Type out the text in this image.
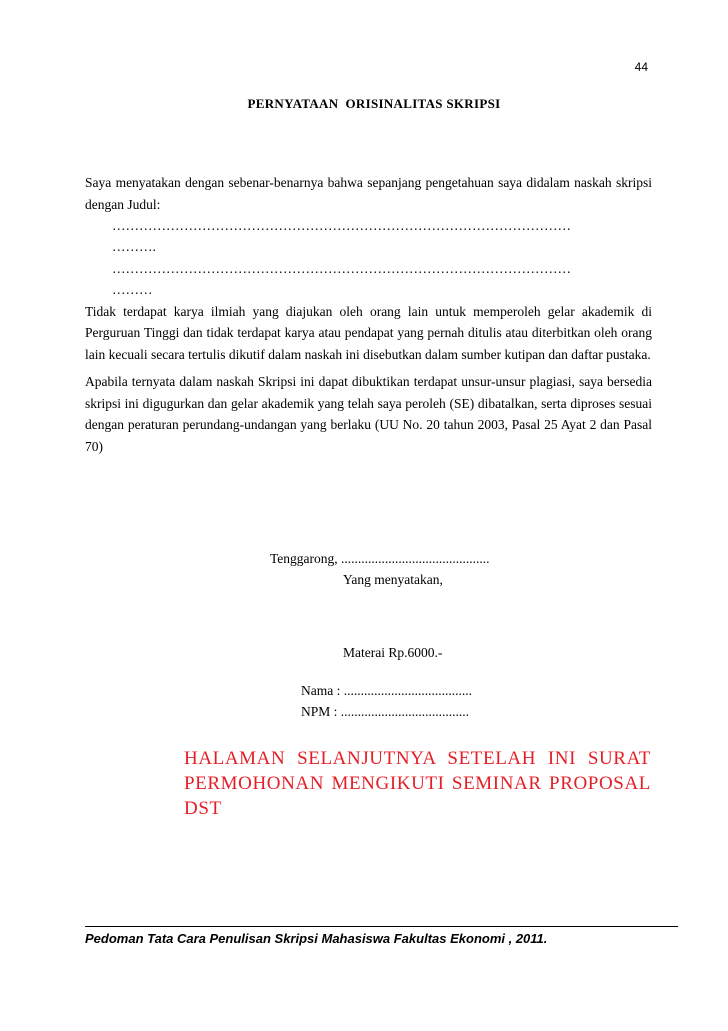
44
PERNYATAAN  ORISINALITAS SKRIPSI

Saya menyatakan dengan sebenar-benarnya bahwa sepanjang pengetahuan saya didalam naskah skripsi dengan Judul:

…………………………………………………………………………………………
……….
…………………………………………………………………………………………
………

Tidak terdapat karya ilmiah yang diajukan oleh orang lain untuk memperoleh gelar akademik di Perguruan Tinggi dan tidak terdapat karya atau pendapat yang pernah ditulis atau diterbitkan oleh orang lain kecuali secara tertulis dikutif dalam naskah ini disebutkan dalam sumber kutipan dan daftar pustaka.

Apabila ternyata dalam naskah Skripsi ini dapat dibuktikan terdapat unsur-unsur plagiasi, saya bersedia skripsi ini digugurkan dan gelar akademik yang telah saya peroleh (SE) dibatalkan, serta diproses sesuai dengan peraturan perundang-undangan yang berlaku (UU No. 20 tahun 2003, Pasal 25 Ayat 2 dan Pasal 70)

Tenggarong, ............................................
Yang menyatakan,
Materai Rp.6000.-
Nama : ......................................
NPM : ......................................

HALAMAN SELANJUTNYA SETELAH INI SURAT PERMOHONAN MENGIKUTI SEMINAR PROPOSAL DST

Pedoman Tata Cara Penulisan Skripsi Mahasiswa Fakultas Ekonomi , 2011.
